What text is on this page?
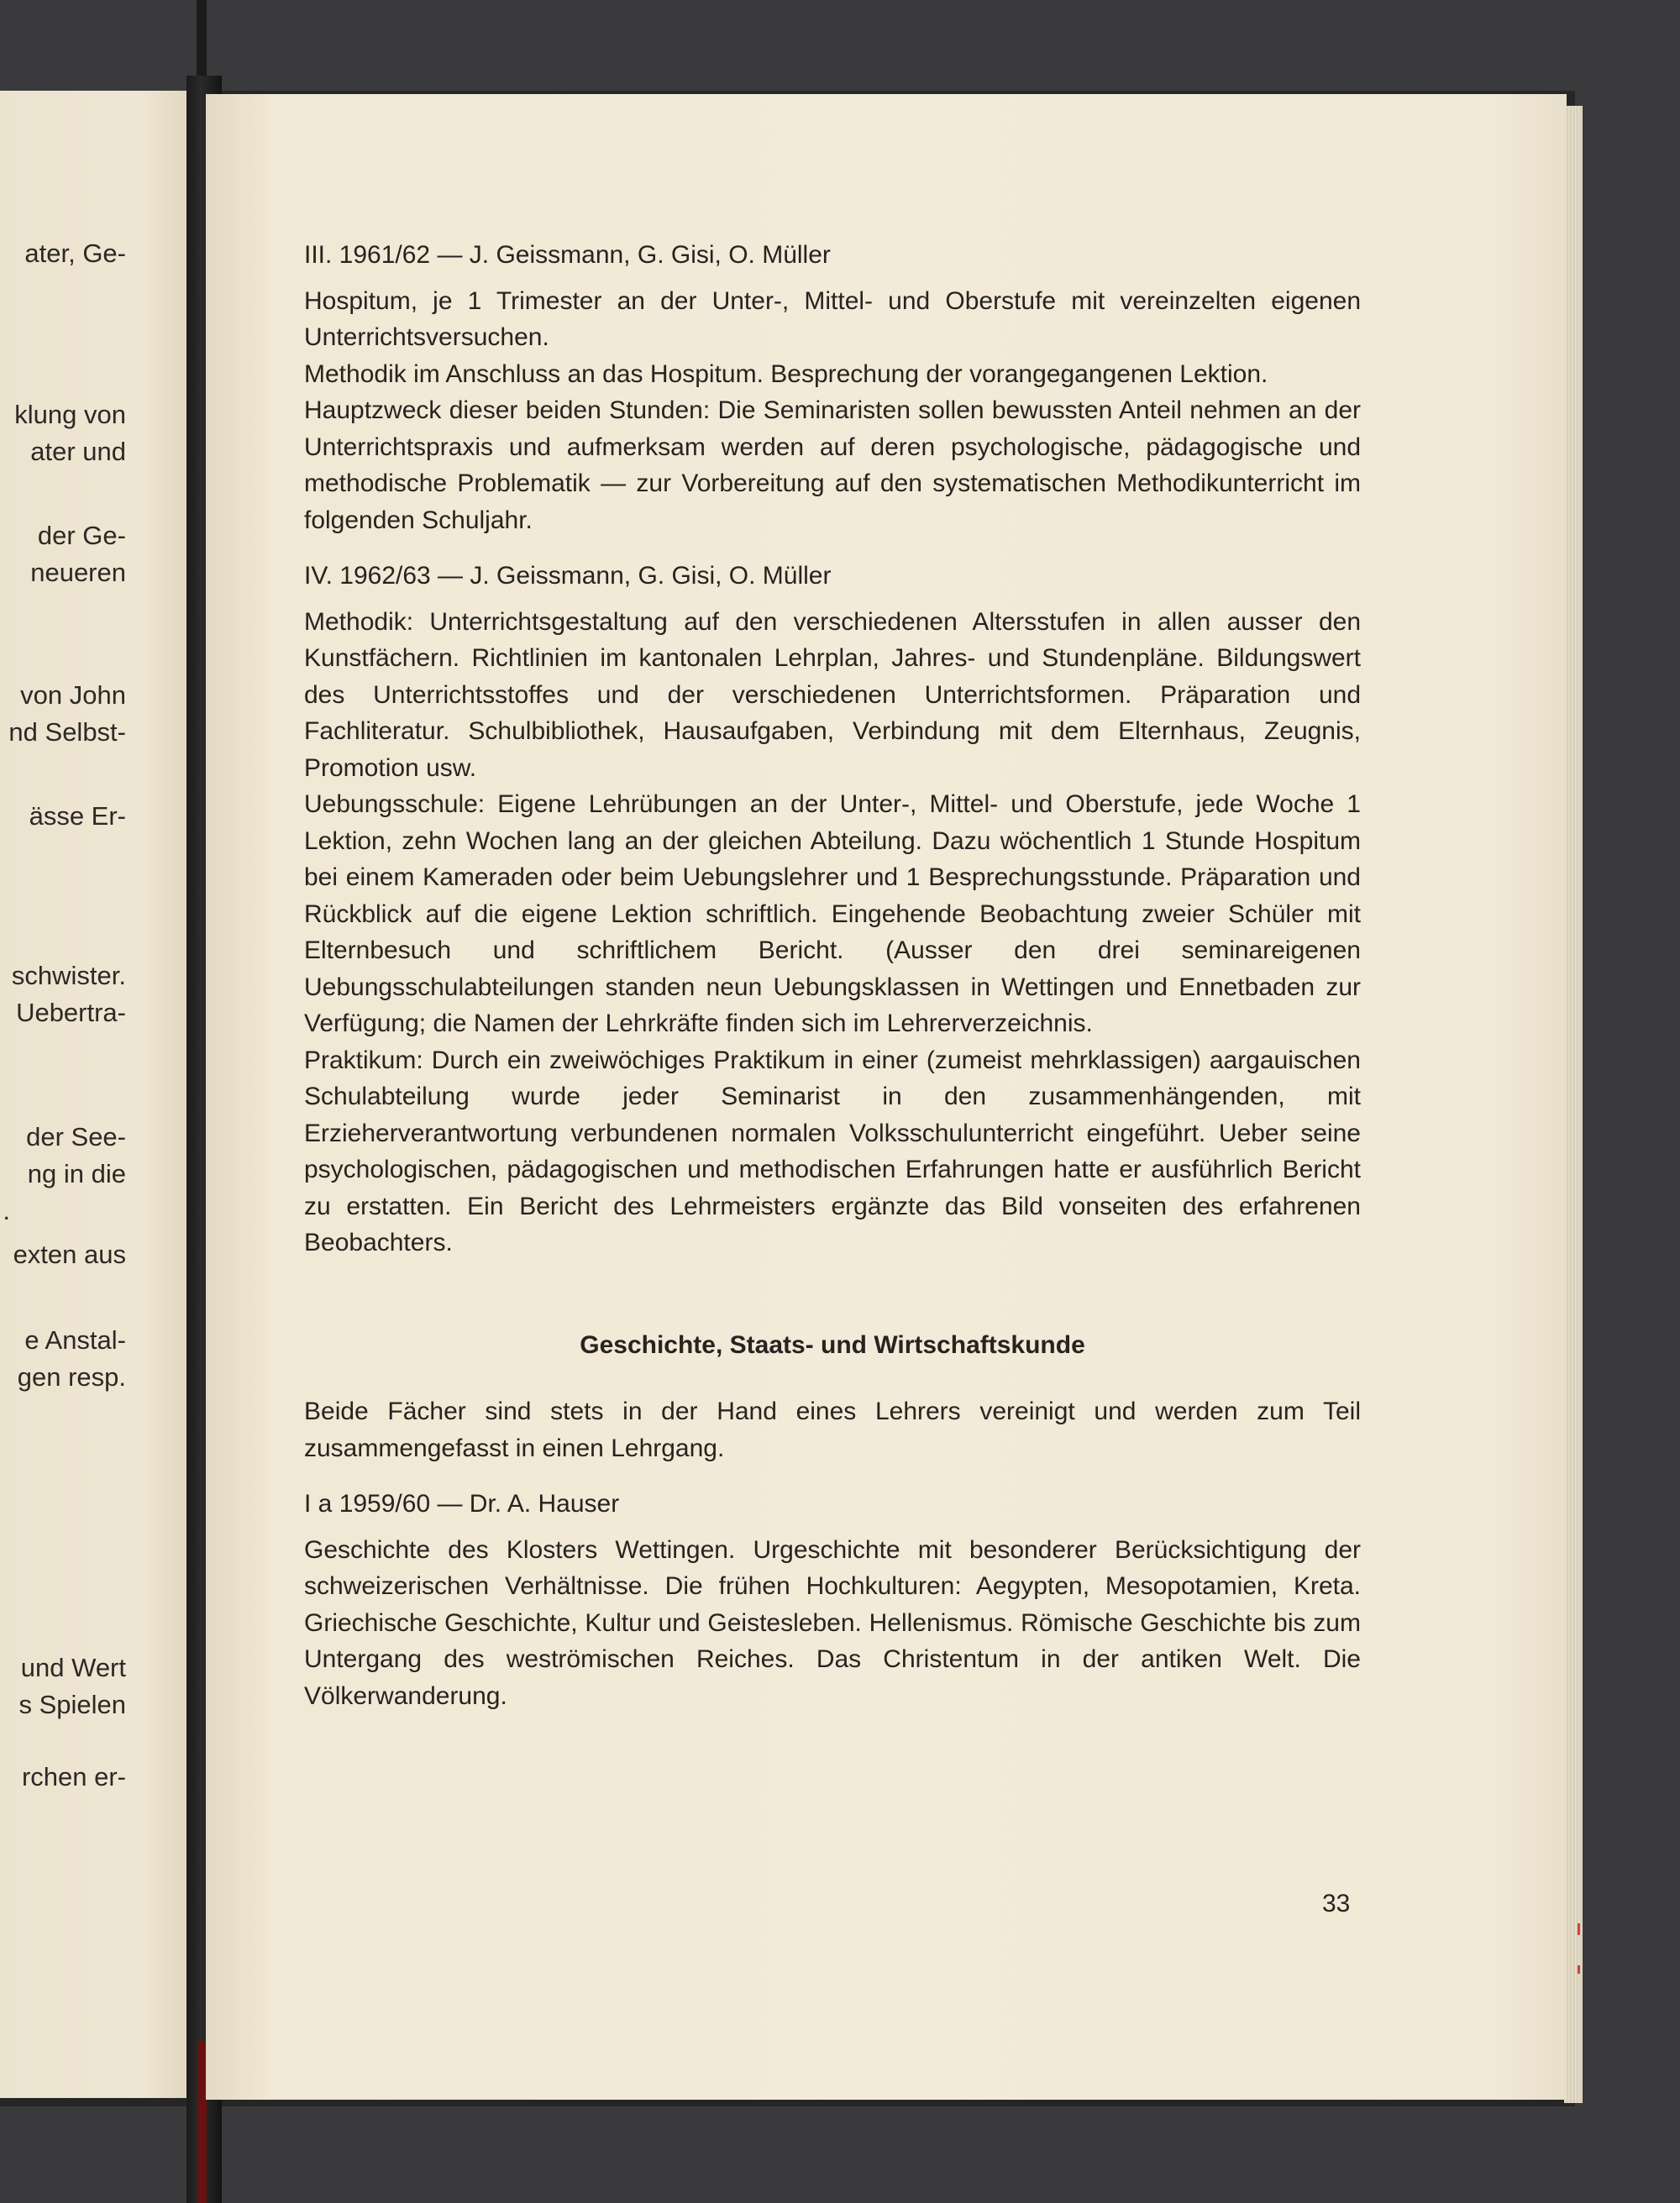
ater, Ge-
klung von
ater und
der Ge-
neueren
von John
nd Selbst-
ässe Er-
schwister.
Uebertra-
der See-
ng in die
.
exten aus
e Anstal-
gen resp.
und Wert
s Spielen
rchen er-

III. 1961/62 — J. Geissmann, G. Gisi, O. Müller

Hospitum, je 1 Trimester an der Unter-, Mittel- und Oberstufe mit vereinzelten eigenen Unterrichtsversuchen.

Methodik im Anschluss an das Hospitum. Besprechung der vorangegangenen Lektion.

Hauptzweck dieser beiden Stunden: Die Seminaristen sollen bewussten Anteil nehmen an der Unterrichtspraxis und aufmerksam werden auf deren psychologische, pädagogische und methodische Problematik — zur Vorbereitung auf den systematischen Methodikunterricht im folgenden Schuljahr.

IV. 1962/63 — J. Geissmann, G. Gisi, O. Müller

Methodik: Unterrichtsgestaltung auf den verschiedenen Altersstufen in allen ausser den Kunstfächern. Richtlinien im kantonalen Lehrplan, Jahres- und Stundenpläne. Bildungswert des Unterrichtsstoffes und der verschiedenen Unterrichtsformen. Präparation und Fachliteratur. Schulbibliothek, Hausaufgaben, Verbindung mit dem Elternhaus, Zeugnis, Promotion usw.

Uebungsschule: Eigene Lehrübungen an der Unter-, Mittel- und Oberstufe, jede Woche 1 Lektion, zehn Wochen lang an der gleichen Abteilung. Dazu wöchentlich 1 Stunde Hospitum bei einem Kameraden oder beim Uebungslehrer und 1 Besprechungsstunde. Präparation und Rückblick auf die eigene Lektion schriftlich. Eingehende Beobachtung zweier Schüler mit Elternbesuch und schriftlichem Bericht. (Ausser den drei seminareigenen Uebungsschulabteilungen standen neun Uebungsklassen in Wettingen und Ennetbaden zur Verfügung; die Namen der Lehrkräfte finden sich im Lehrerverzeichnis.

Praktikum: Durch ein zweiwöchiges Praktikum in einer (zumeist mehrklassigen) aargauischen Schulabteilung wurde jeder Seminarist in den zusammenhängenden, mit Erzieherverantwortung verbundenen normalen Volksschulunterricht eingeführt. Ueber seine psychologischen, pädagogischen und methodischen Erfahrungen hatte er ausführlich Bericht zu erstatten. Ein Bericht des Lehrmeisters ergänzte das Bild vonseiten des erfahrenen Beobachters.

Geschichte, Staats- und Wirtschaftskunde

Beide Fächer sind stets in der Hand eines Lehrers vereinigt und werden zum Teil zusammengefasst in einen Lehrgang.

I a 1959/60 — Dr. A. Hauser

Geschichte des Klosters Wettingen. Urgeschichte mit besonderer Berücksichtigung der schweizerischen Verhältnisse. Die frühen Hochkulturen: Aegypten, Mesopotamien, Kreta. Griechische Geschichte, Kultur und Geistesleben. Hellenismus. Römische Geschichte bis zum Untergang des weströmischen Reiches. Das Christentum in der antiken Welt. Die Völkerwanderung.

33
